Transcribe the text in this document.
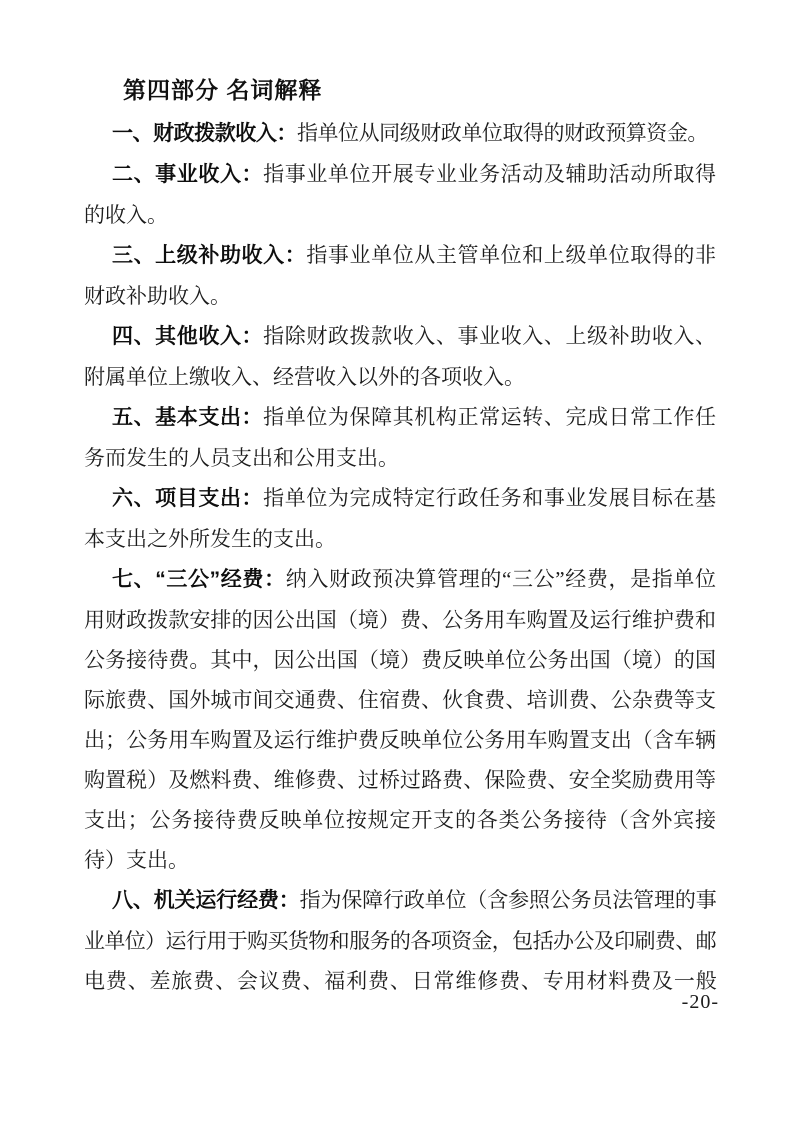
第四部分 名词解释

一、财政拨款收入：指单位从同级财政单位取得的财政预算资金。

二、事业收入：指事业单位开展专业业务活动及辅助活动所取得的收入。

三、上级补助收入：指事业单位从主管单位和上级单位取得的非财政补助收入。

四、其他收入：指除财政拨款收入、事业收入、上级补助收入、附属单位上缴收入、经营收入以外的各项收入。

五、基本支出：指单位为保障其机构正常运转、完成日常工作任务而发生的人员支出和公用支出。

六、项目支出：指单位为完成特定行政任务和事业发展目标在基本支出之外所发生的支出。

七、“三公”经费：纳入财政预决算管理的“三公”经费，是指单位用财政拨款安排的因公出国（境）费、公务用车购置及运行维护费和公务接待费。其中，因公出国（境）费反映单位公务出国（境）的国际旅费、国外城市间交通费、住宿费、伙食费、培训费、公杂费等支出；公务用车购置及运行维护费反映单位公务用车购置支出（含车辆购置税）及燃料费、维修费、过桥过路费、保险费、安全奖励费用等支出；公务接待费反映单位按规定开支的各类公务接待（含外宾接待）支出。

八、机关运行经费：指为保障行政单位（含参照公务员法管理的事业单位）运行用于购买货物和服务的各项资金，包括办公及印刷费、邮电费、差旅费、会议费、福利费、日常维修费、专用材料费及一般

-20-
